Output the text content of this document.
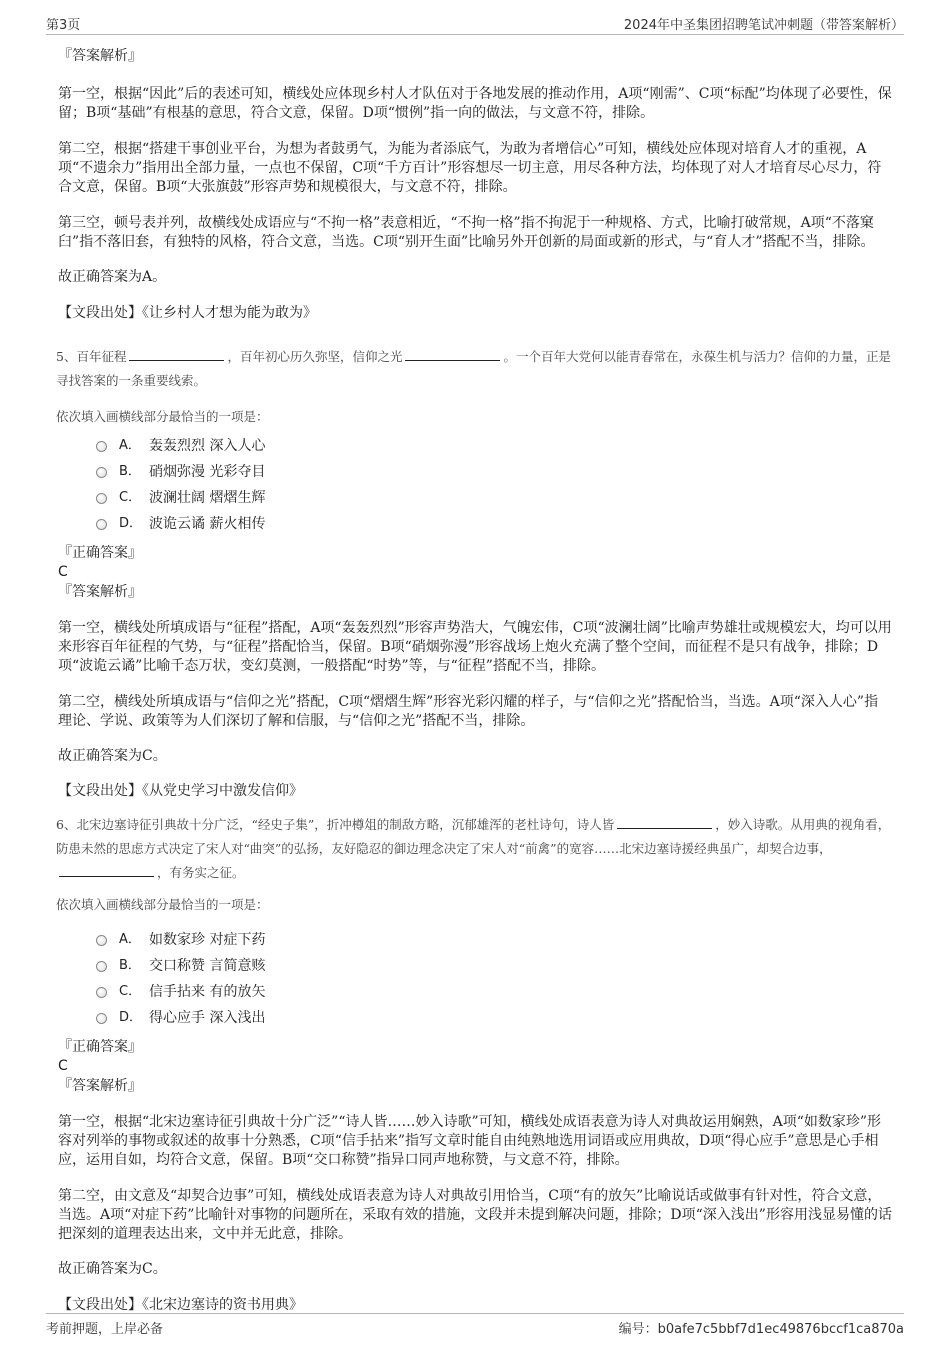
第3页	2024年中圣集团招聘笔试冲刺题（带答案解析）

『答案解析』

第一空，根据“因此”后的表述可知，横线处应体现乡村人才队伍对于各地发展的推动作用，A项“刚需”、C项“标配”均体现了必要性，保留；B项“基础”有根基的意思，符合文意，保留。D项“惯例”指一向的做法，与文意不符，排除。

第二空，根据“搭建干事创业平台，为想为者鼓勇气，为能为者添底气，为敢为者增信心”可知，横线处应体现对培育人才的重视，A项“不遗余力”指用出全部力量，一点也不保留，C项“千方百计”形容想尽一切主意，用尽各种方法，均体现了对人才培育尽心尽力，符合文意，保留。B项“大张旗鼓”形容声势和规模很大，与文意不符，排除。

第三空，顿号表并列，故横线处成语应与“不拘一格”表意相近，“不拘一格”指不拘泥于一种规格、方式，比喻打破常规，A项“不落窠臼”指不落旧套，有独特的风格，符合文意，当选。C项“别开生面”比喻另外开创新的局面或新的形式，与“育人才”搭配不当，排除。

故正确答案为A。

【文段出处】《让乡村人才想为能为敢为》

5、百年征程	，百年初心历久弥坚，信仰之光	。一个百年大党何以能青春常在，永葆生机与活力？信仰的力量，正是寻找答案的一条重要线索。

依次填入画横线部分最恰当的一项是：

A． 轰轰烈烈 深入人心
B． 硝烟弥漫 光彩夺目
C． 波澜壮阔 熠熠生辉
D． 波诡云谲 薪火相传

『正确答案』

C

『答案解析』

第一空，横线处所填成语与“征程”搭配，A项“轰轰烈烈”形容声势浩大，气魄宏伟，C项“波澜壮阔”比喻声势雄壮或规模宏大，均可以用来形容百年征程的气势，与“征程”搭配恰当，保留。B项“硝烟弥漫”形容战场上炮火充满了整个空间，而征程不是只有战争，排除；D项“波诡云谲”比喻千态万状，变幻莫测，一般搭配“时势”等，与“征程”搭配不当，排除。

第二空，横线处所填成语与“信仰之光”搭配，C项“熠熠生辉”形容光彩闪耀的样子，与“信仰之光”搭配恰当，当选。A项“深入人心”指理论、学说、政策等为人们深切了解和信服，与“信仰之光”搭配不当，排除。

故正确答案为C。

【文段出处】《从党史学习中激发信仰》

6、北宋边塞诗征引典故十分广泛，“经史子集”，折冲樽俎的制敌方略，沉郁雄浑的老杜诗句，诗人皆	，妙入诗歌。从用典的视角看，防患未然的思虑方式决定了宋人对“曲突”的弘扬，友好隐忍的御边理念决定了宋人对“前禽”的宽容……北宋边塞诗援经典虽广，却契合边事，，有务实之征。

依次填入画横线部分最恰当的一项是：

A． 如数家珍 对症下药
B． 交口称赞 言简意赅
C． 信手拈来 有的放矢
D． 得心应手 深入浅出

『正确答案』

C

『答案解析』

第一空，根据“北宋边塞诗征引典故十分广泛”“诗人皆……妙入诗歌”可知，横线处成语表意为诗人对典故运用娴熟，A项“如数家珍”形容对列举的事物或叙述的故事十分熟悉，C项“信手拈来”指写文章时能自由纯熟地选用词语或应用典故，D项“得心应手”意思是心手相应，运用自如，均符合文意，保留。B项“交口称赞”指异口同声地称赞，与文意不符，排除。

第二空，由文意及“却契合边事”可知，横线处成语表意为诗人对典故引用恰当，C项“有的放矢”比喻说话或做事有针对性，符合文意，当选。A项“对症下药”比喻针对事物的问题所在，采取有效的措施，文段并未提到解决问题，排除；D项“深入浅出”形容用浅显易懂的话把深刻的道理表达出来，文中并无此意，排除。

故正确答案为C。

【文段出处】《北宋边塞诗的资书用典》

考前押题，上岸必备	编号：b0afe7c5bbf7d1ec49876bccf1ca870a
